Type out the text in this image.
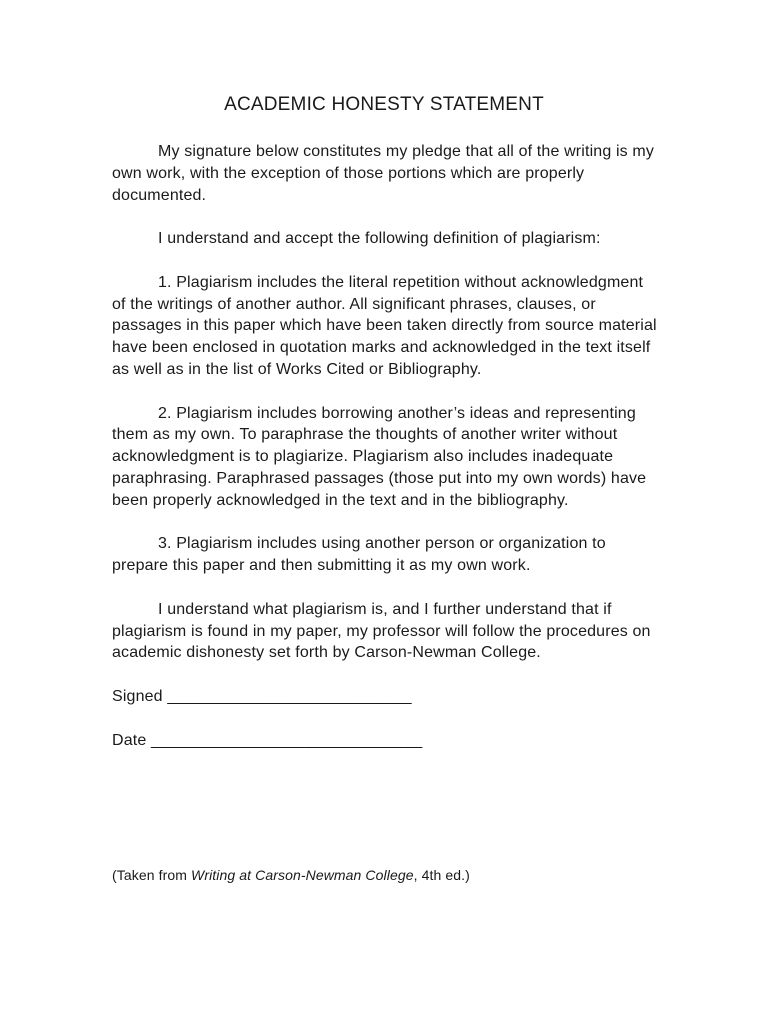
ACADEMIC HONESTY STATEMENT

My signature below constitutes my pledge that all of the writing is my own work, with the exception of those portions which are properly documented.

I understand and accept the following definition of plagiarism:

1. Plagiarism includes the literal repetition without acknowledgment of the writings of another author. All significant phrases, clauses, or passages in this paper which have been taken directly from source material have been enclosed in quotation marks and acknowledged in the text itself as well as in the list of Works Cited or Bibliography.

2. Plagiarism includes borrowing another’s ideas and representing them as my own. To paraphrase the thoughts of another writer without acknowledgment is to plagiarize. Plagiarism also includes inadequate paraphrasing. Paraphrased passages (those put into my own words) have been properly acknowledged in the text and in the bibliography.

3. Plagiarism includes using another person or organization to prepare this paper and then submitting it as my own work.

I understand what plagiarism is, and I further understand that if plagiarism is found in my paper, my professor will follow the procedures on academic dishonesty set forth by Carson-Newman College.

Signed ___________________________
Date ______________________________
(Taken from Writing at Carson-Newman College, 4th ed.)
